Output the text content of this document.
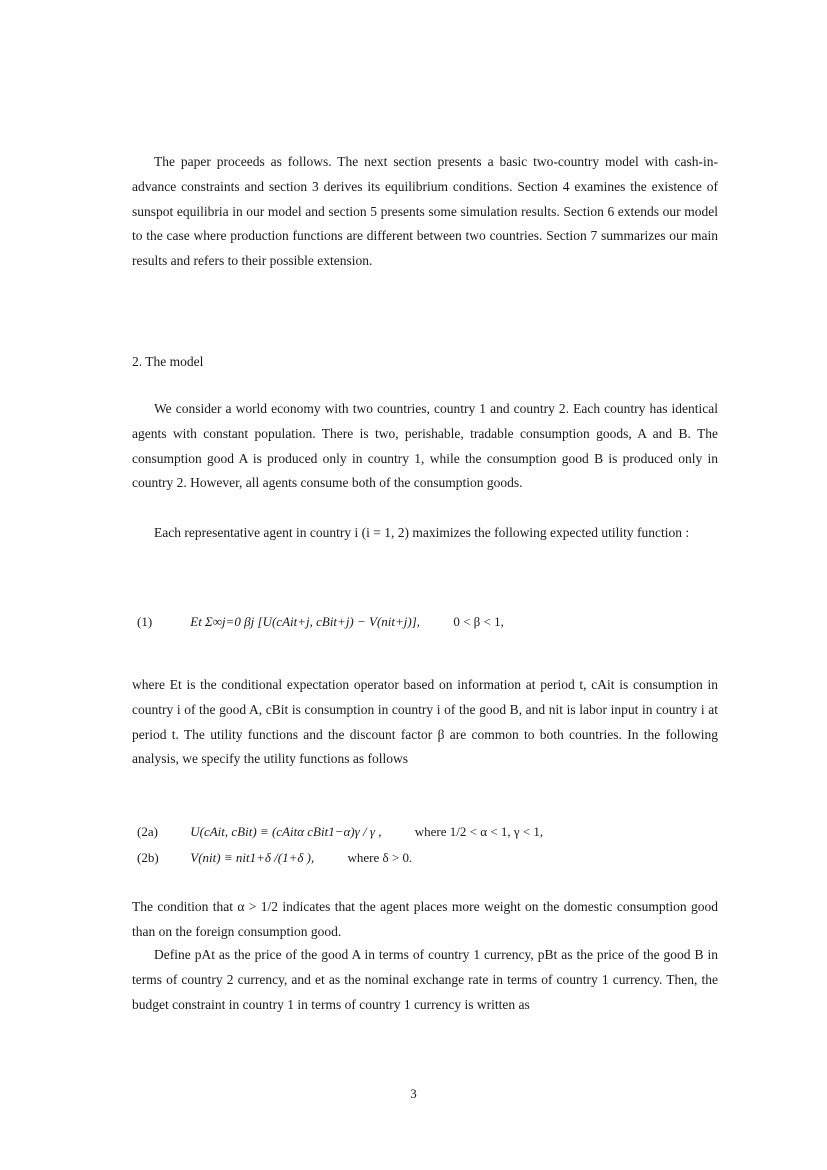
The paper proceeds as follows. The next section presents a basic two-country model with cash-in-advance constraints and section 3 derives its equilibrium conditions. Section 4 examines the existence of sunspot equilibria in our model and section 5 presents some simulation results. Section 6 extends our model to the case where production functions are different between two countries. Section 7 summarizes our main results and refers to their possible extension.

2. The model

We consider a world economy with two countries, country 1 and country 2. Each country has identical agents with constant population. There is two, perishable, tradable consumption goods, A and B. The consumption good A is produced only in country 1, while the consumption good B is produced only in country 2. However, all agents consume both of the consumption goods.

Each representative agent in country i (i = 1, 2) maximizes the following expected utility function :

(1)	Et Σ∞j=0 βj [U(cAit+j, cBit+j) − V(nit+j)],	0 < β < 1,

where Et is the conditional expectation operator based on information at period t, cAit is consumption in country i of the good A, cBit is consumption in country i of the good B, and nit is labor input in country i at period t. The utility functions and the discount factor β are common to both countries. In the following analysis, we specify the utility functions as follows

(2a) U(cAit, cBit) ≡ (cAitα cBit1−α)γ / γ ,	where 1/2 < α < 1, γ < 1,
(2b) V(nit) ≡ nit1+δ /(1+δ ),	where δ > 0.

The condition that α > 1/2 indicates that the agent places more weight on the domestic consumption good than on the foreign consumption good.

Define pAt as the price of the good A in terms of country 1 currency, pBt as the price of the good B in terms of country 2 currency, and et as the nominal exchange rate in terms of country 1 currency. Then, the budget constraint in country 1 in terms of country 1 currency is written as

3
